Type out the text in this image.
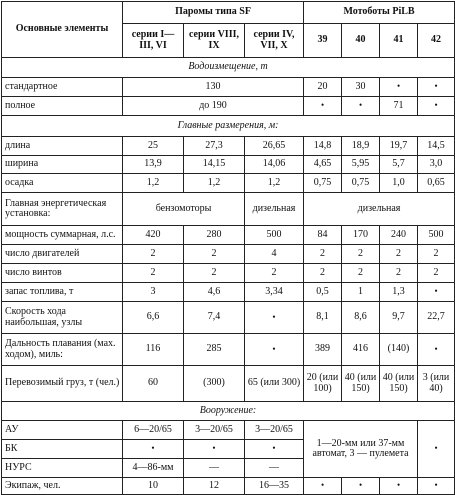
Основные элементы	Паромы типа SF			Мотоботы PiLB			
	серии I—III, VI	серии VIII, IX	серии IV, VII, X	39	40	41	42
Водоизмещение, т							
стандартное	130			20	30	•	•
полное	до 190			•	•	71	•
Главные размерения, м:							
длина	25	27,3	26,65	14,8	18,9	19,7	14,5
ширина	13,9	14,15	14,06	4,65	5,95	5,7	3,0
осадка	1,2	1,2	1,2	0,75	0,75	1,0	0,65
Главная энергетическая установка:	бензомоторы		дизельная	дизельная			
мощность суммарная, л.с.	420	280	500	84	170	240	500
число двигателей	2	2	4	2	2	2	2
число винтов	2	2	2	2	2	2	2
запас топлива, т	3	4,6	3,34	0,5	1	1,3	•
Скорость хода наибольшая, узлы	6,6	7,4	•	8,1	8,6	9,7	22,7
Дальность плавания (мах. ходом), миль:	116	285	•	389	416	(140)	•
Перевозимый груз, т (чел.)	60	(300)	65 (или 300)	20 (или 100)	40 (или 150)	40 (или 150)	3 (или 40)
Вооружение:							
АУ	6—20/65	3—20/65	3—20/65	1—20-мм или 37-мм автомат, 3 — пулемета			•
БК	•	•	•				
НУРС	4—86-мм	—	—				
Экипаж, чел.	10	12	16—35	•	•	•	•
